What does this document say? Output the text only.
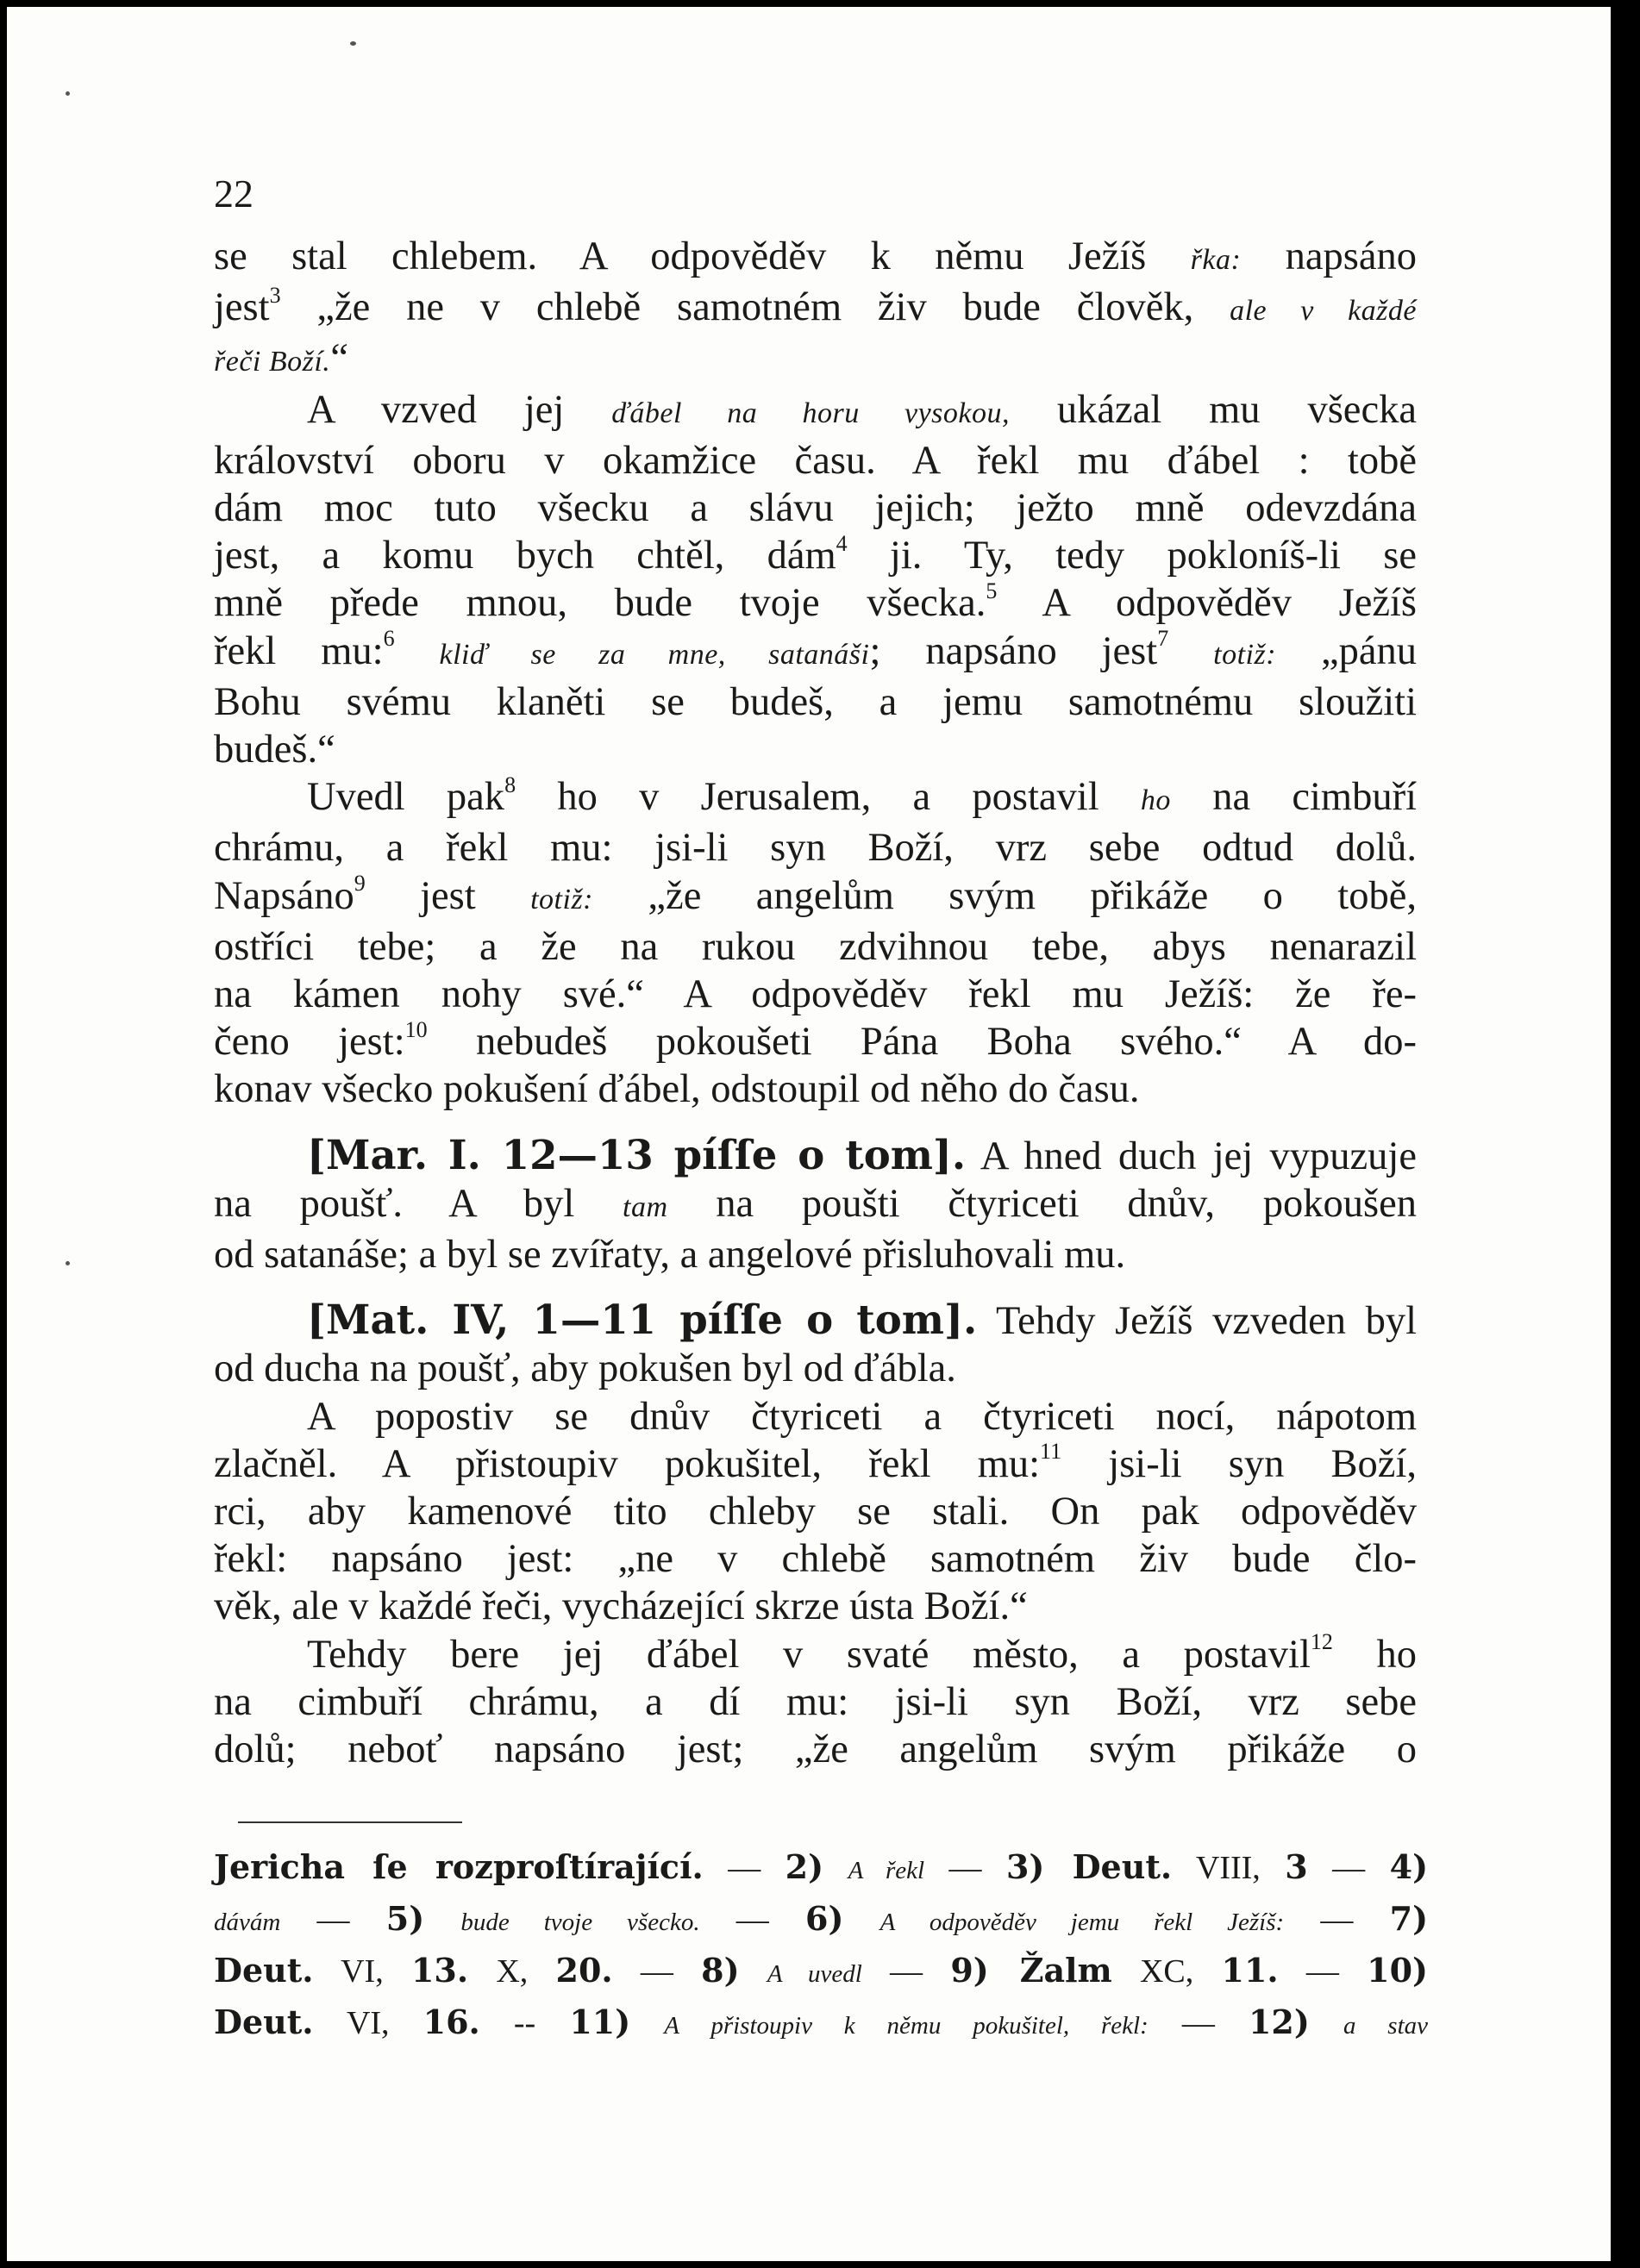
22
se stal chlebem. A odpověděv k němu Ježíš řka: napsáno
jest$^3$ „že ne v chlebě samotném živ bude člověk, ale v každé
řeči Boží.“
A vzved jej ďábel na horu vysokou, ukázal mu všecka
království oboru v okamžice času. A řekl mu ďábel : tobě
dám moc tuto všecku a slávu jejich; ježto mně odevzdána
jest, a komu bych chtěl, dám$^4$ ji. Ty, tedy pokloníš-li se
mně přede mnou, bude tvoje všecka.$^5$ A odpověděv Ježíš
řekl mu:$^6$ kliď se za mne, satanáši; napsáno jest$^7$ totiž: „pánu
Bohu svému klaněti se budeš, a jemu samotnému sloužiti
budeš.“
Uvedl pak$^8$ ho v Jerusalem, a postavil ho na cimbuří
chrámu, a řekl mu: jsi-li syn Boží, vrz sebe odtud dolů.
Napsáno$^9$ jest totiž: „že angelům svým přikáže o tobě,
ostříci tebe; a že na rukou zdvihnou tebe, abys nenarazil
na kámen nohy své.“ A odpověděv řekl mu Ježíš: že ře-
čeno jest:$^{10}$ nebudeš pokoušeti Pána Boha svého.“ A do-
konav všecko pokušení ďábel, odstoupil od něho do času.
[Mar. I. 12—13 píſſe o tom]. A hned duch jej vypuzuje
na poušť. A byl tam na poušti čtyriceti dnův, pokoušen
od satanáše; a byl se zvířaty, a angelové přisluhovali mu.
[Mat. IV, 1—11 píſſe o tom]. Tehdy Ježíš vzveden byl
od ducha na poušť, aby pokušen byl od ďábla.
A popostiv se dnův čtyriceti a čtyriceti nocí, nápotom
zlačněl. A přistoupiv pokušitel, řekl mu:$^{11}$ jsi-li syn Boží,
rci, aby kamenové tito chleby se stali. On pak odpověděv
řekl: napsáno jest: „ne v chlebě samotném živ bude člo-
věk, ale v každé řeči, vycházející skrze ústa Boží.“
Tehdy bere jej ďábel v svaté město, a postavil$^{12}$ ho
na cimbuří chrámu, a dí mu: jsi-li syn Boží, vrz sebe
dolů; neboť napsáno jest; „že angelům svým přikáže o
Jericha ſe rozproſtírající. — 2) A řekl — 3) Deut. VIII, 3 — 4)
dávám — 5) bude tvoje všecko. — 6) A odpověděv jemu řekl Ježíš: — 7)
Deut. VI, 13. X, 20. — 8) A uvedl — 9) Žalm XC, 11. — 10)
Deut. VI, 16. -- 11) A přistoupiv k němu pokušitel, řekl: — 12) a stav
